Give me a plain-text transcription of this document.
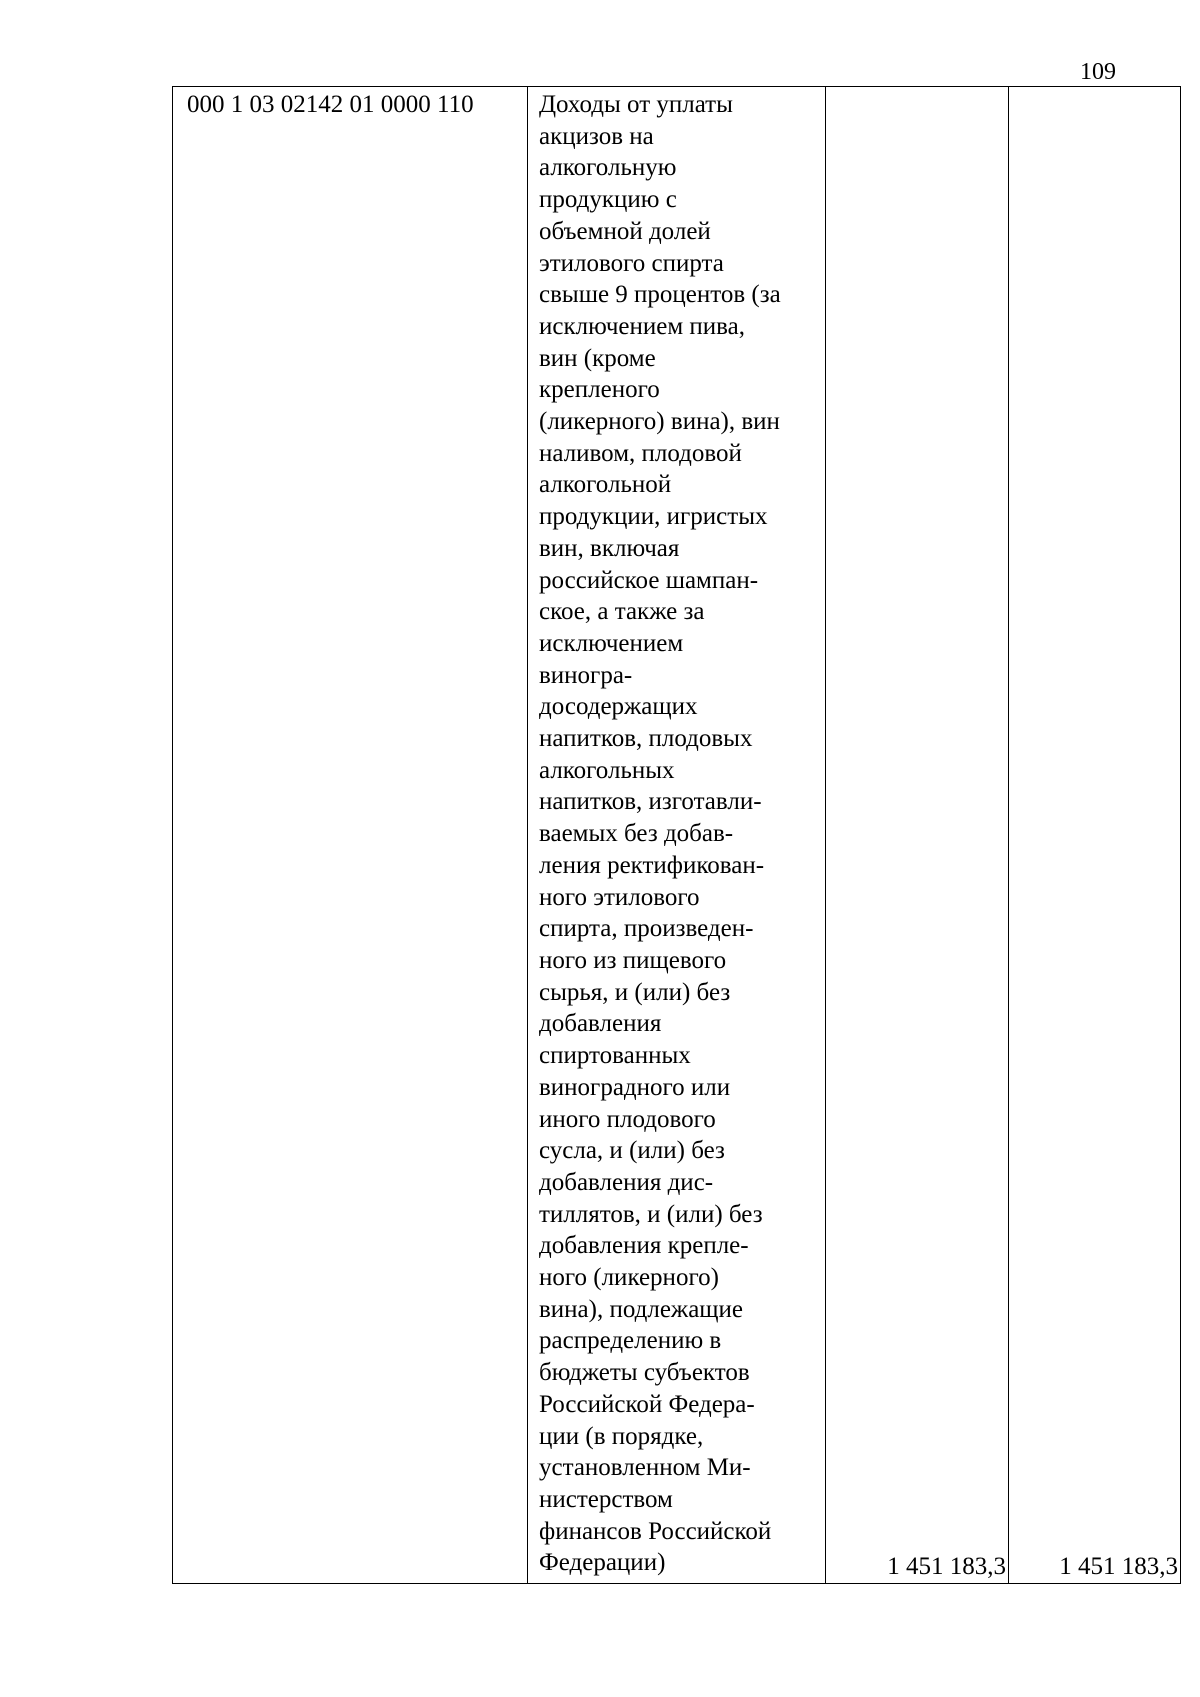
109
000 1 03 02142 01 0000 110	Доходы от уплаты
акцизов на
алкогольную
продукцию с
объемной долей
этилового спирта
свыше 9 процентов (за
исключением пива,
вин (кроме
крепленого
(ликерного) вина), вин
наливом, плодовой
алкогольной
продукции, игристых
вин, включая
российское шампан-
ское, а также за
исключением
виногра-
досодержащих
напитков, плодовых
алкогольных
напитков, изготавли-
ваемых без добав-
ления ректификован-
ного этилового
спирта, произведен-
ного из пищевого
сырья, и (или) без
добавления
спиртованных
виноградного или
иного плодового
сусла, и (или) без
добавления дис-
тиллятов, и (или) без
добавления крепле-
ного (ликерного)
вина), подлежащие
распределению в
бюджеты субъектов
Российской Федера-
ции (в порядке,
установленном Ми-
нистерством
финансов Российской
Федерации)	1 451 183,3	1 451 183,3
